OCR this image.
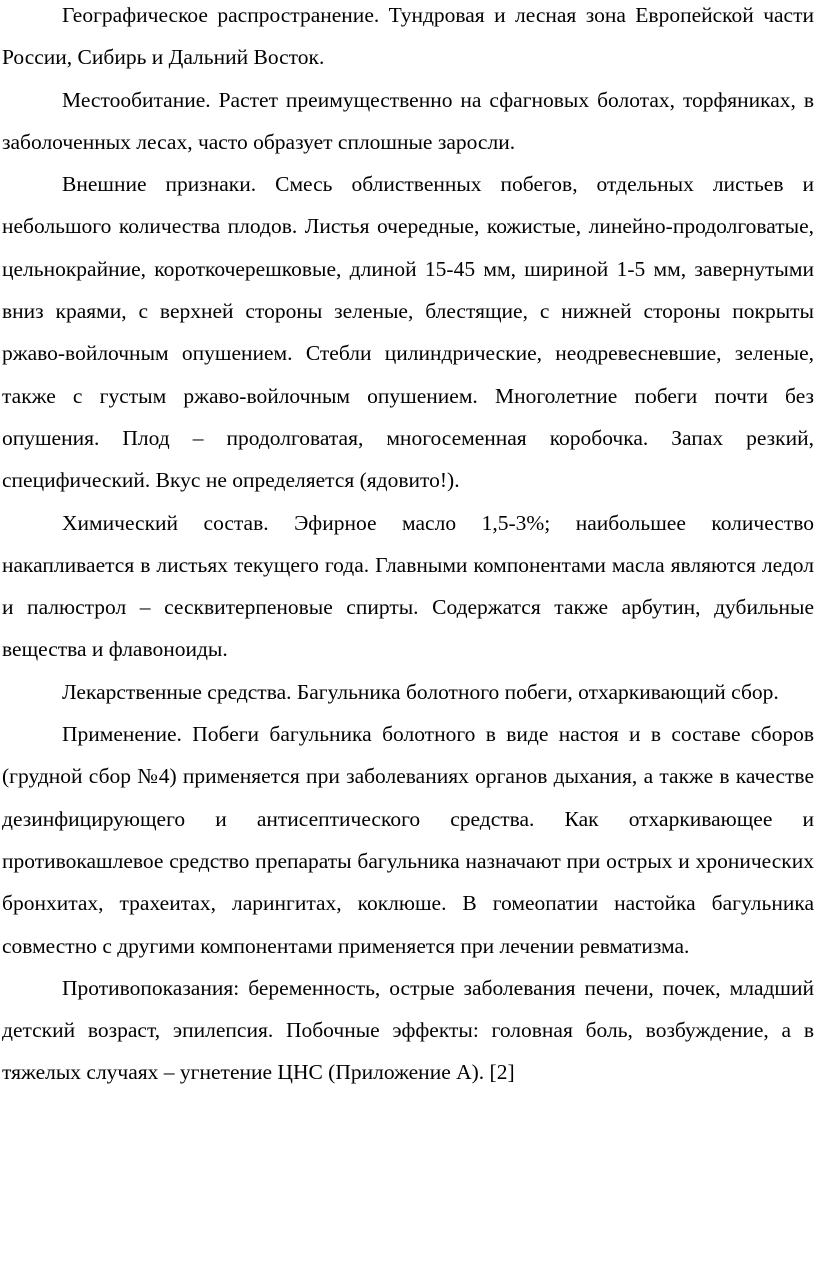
Географическое распространение. Тундровая и лесная зона Европейской части России, Сибирь и Дальний Восток.

Местообитание. Растет преимущественно на сфагновых болотах, торфяниках, в заболоченных лесах, часто образует сплошные заросли.

Внешние признаки. Смесь облиственных побегов, отдельных листьев и небольшого количества плодов. Листья очередные, кожистые, линейно-продолговатые, цельнокрайние, короткочерешковые, длиной 15-45 мм, шириной 1-5 мм, завернутыми вниз краями, с верхней стороны зеленые, блестящие, с нижней стороны покрыты ржаво-войлочным опушением. Стебли цилиндрические, неодревесневшие, зеленые, также с густым ржаво-войлочным опушением. Многолетние побеги почти без опушения. Плод – продолговатая, многосеменная коробочка. Запах резкий, специфический. Вкус не определяется (ядовито!).

Химический состав. Эфирное масло 1,5-3%; наибольшее количество накапливается в листьях текущего года. Главными компонентами масла являются ледол и палюстрол – сесквитерпеновые спирты. Содержатся также арбутин, дубильные вещества и флавоноиды.

Лекарственные средства. Багульника болотного побеги, отхаркивающий сбор.

Применение. Побеги багульника болотного в виде настоя и в составе сборов (грудной сбор №4) применяется при заболеваниях органов дыхания, а также в качестве дезинфицирующего и антисептического средства. Как отхаркивающее и противокашлевое средство препараты багульника назначают при острых и хронических бронхитах, трахеитах, ларингитах, коклюше. В гомеопатии настойка багульника совместно с другими компонентами применяется при лечении ревматизма.

Противопоказания: беременность, острые заболевания печени, почек, младший детский возраст, эпилепсия. Побочные эффекты: головная боль, возбуждение, а в тяжелых случаях – угнетение ЦНС (Приложение А). [2]
